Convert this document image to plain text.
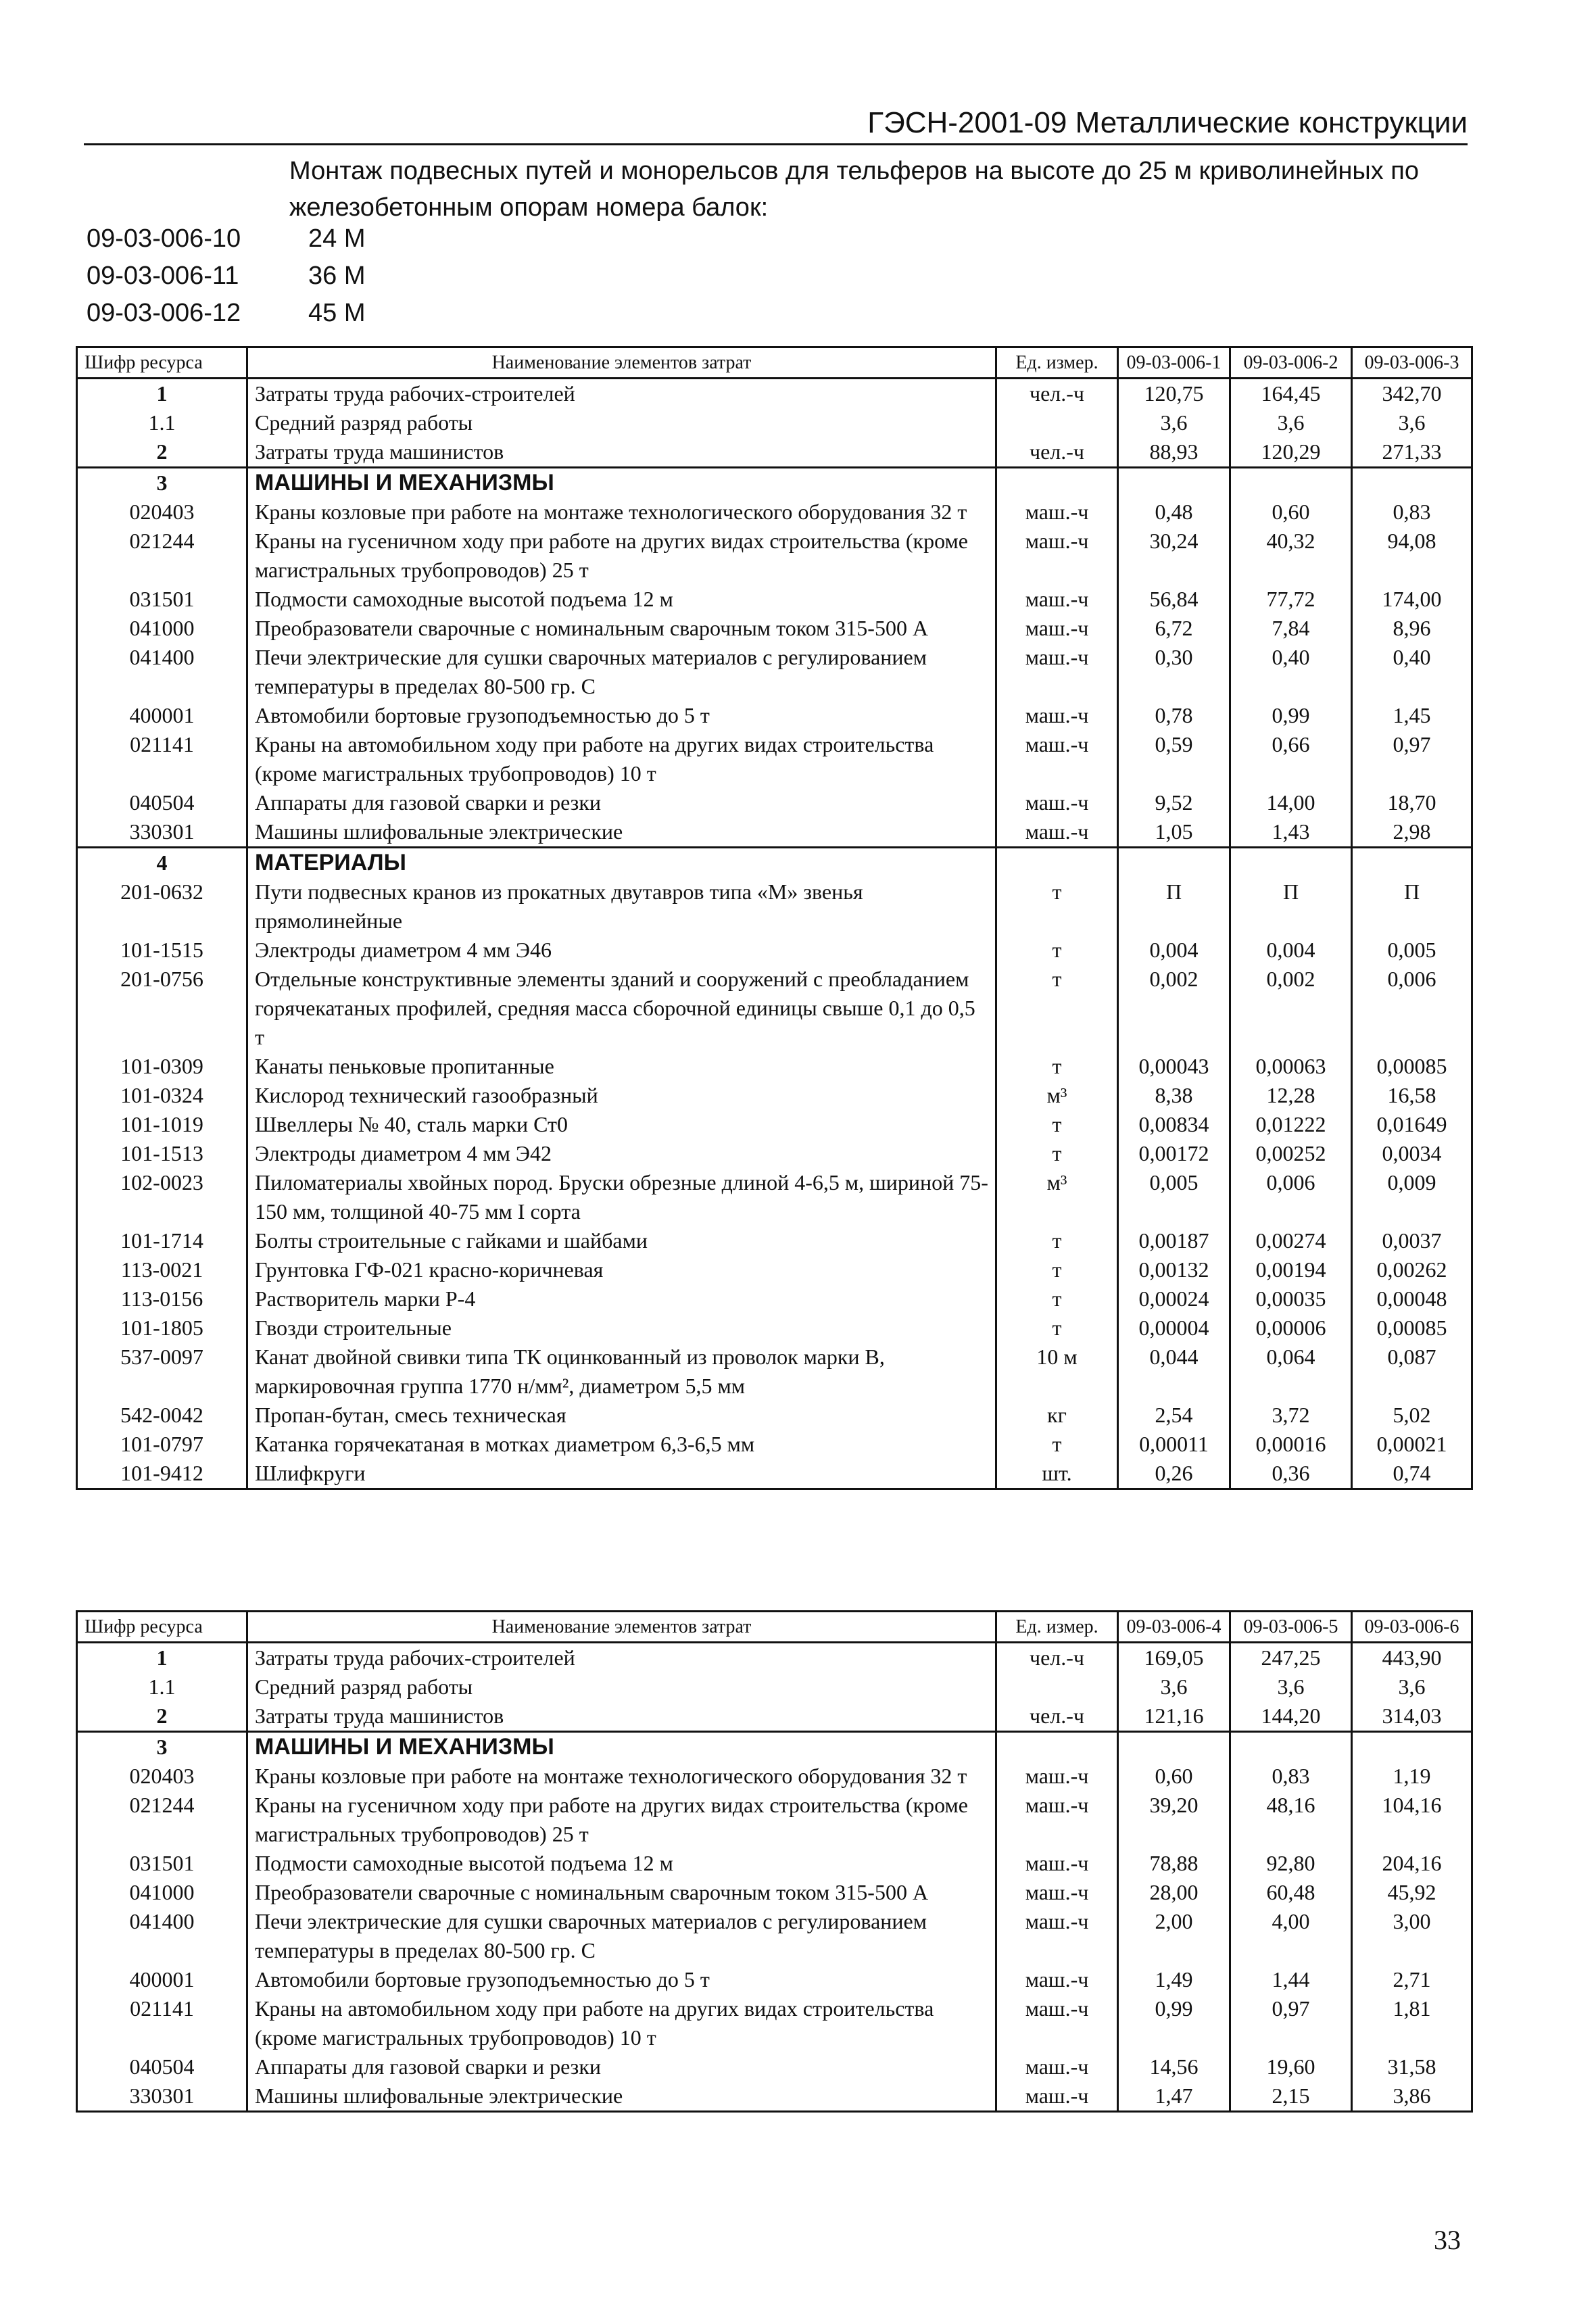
ГЭСН-2001-09 Металлические конструкции
Монтаж подвесных путей и монорельсов для тельферов на высоте до 25 м криволинейных по железобетонным опорам номера балок:
09-03-006-10	24 М
09-03-006-11	36 М
09-03-006-12	45 М
Шифр ресурса	Наименование элементов затрат	Ед. измер.	09-03-006-1	09-03-006-2	09-03-006-3
1	Затраты труда рабочих-строителей	чел.-ч	120,75	164,45	342,70
1.1	Средний разряд работы		3,6	3,6	3,6
2	Затраты труда машинистов	чел.-ч	88,93	120,29	271,33
3	МАШИНЫ И МЕХАНИЗМЫ				
020403	Краны козловые при работе на монтаже технологического оборудования 32 т	маш.-ч	0,48	0,60	0,83
021244	Краны на гусеничном ходу при работе на других видах строительства (кроме магистральных трубопроводов) 25 т	маш.-ч	30,24	40,32	94,08
031501	Подмости самоходные высотой подъема 12 м	маш.-ч	56,84	77,72	174,00
041000	Преобразователи сварочные с номинальным сварочным током 315-500 А	маш.-ч	6,72	7,84	8,96
041400	Печи электрические для сушки сварочных материалов с регулированием температуры в пределах 80-500 гр. С	маш.-ч	0,30	0,40	0,40
400001	Автомобили бортовые грузоподъемностью до 5 т	маш.-ч	0,78	0,99	1,45
021141	Краны на автомобильном ходу при работе на других видах строительства (кроме магистральных трубопроводов) 10 т	маш.-ч	0,59	0,66	0,97
040504	Аппараты для газовой сварки и резки	маш.-ч	9,52	14,00	18,70
330301	Машины шлифовальные электрические	маш.-ч	1,05	1,43	2,98
4	МАТЕРИАЛЫ				
201-0632	Пути подвесных кранов из прокатных двутавров типа «М» звенья прямолинейные	т	П	П	П
101-1515	Электроды диаметром 4 мм Э46	т	0,004	0,004	0,005
201-0756	Отдельные конструктивные элементы зданий и сооружений с преобладанием горячекатаных профилей, средняя масса сборочной единицы свыше 0,1 до 0,5 т	т	0,002	0,002	0,006
101-0309	Канаты пеньковые пропитанные	т	0,00043	0,00063	0,00085
101-0324	Кислород технический газообразный	м³	8,38	12,28	16,58
101-1019	Швеллеры № 40, сталь марки Ст0	т	0,00834	0,01222	0,01649
101-1513	Электроды диаметром 4 мм Э42	т	0,00172	0,00252	0,0034
102-0023	Пиломатериалы хвойных пород. Бруски обрезные длиной 4-6,5 м, шириной 75-150 мм, толщиной 40-75 мм I сорта	м³	0,005	0,006	0,009
101-1714	Болты строительные с гайками и шайбами	т	0,00187	0,00274	0,0037
113-0021	Грунтовка ГФ-021 красно-коричневая	т	0,00132	0,00194	0,00262
113-0156	Растворитель марки Р-4	т	0,00024	0,00035	0,00048
101-1805	Гвозди строительные	т	0,00004	0,00006	0,00085
537-0097	Канат двойной свивки типа ТК оцинкованный из проволок марки В, маркировочная группа 1770 н/мм², диаметром 5,5 мм	10 м	0,044	0,064	0,087
542-0042	Пропан-бутан, смесь техническая	кг	2,54	3,72	5,02
101-0797	Катанка горячекатаная в мотках диаметром 6,3-6,5 мм	т	0,00011	0,00016	0,00021
101-9412	Шлифкруги	шт.	0,26	0,36	0,74
Шифр ресурса	Наименование элементов затрат	Ед. измер.	09-03-006-4	09-03-006-5	09-03-006-6
1	Затраты труда рабочих-строителей	чел.-ч	169,05	247,25	443,90
1.1	Средний разряд работы		3,6	3,6	3,6
2	Затраты труда машинистов	чел.-ч	121,16	144,20	314,03
3	МАШИНЫ И МЕХАНИЗМЫ				
020403	Краны козловые при работе на монтаже технологического оборудования 32 т	маш.-ч	0,60	0,83	1,19
021244	Краны на гусеничном ходу при работе на других видах строительства (кроме магистральных трубопроводов) 25 т	маш.-ч	39,20	48,16	104,16
031501	Подмости самоходные высотой подъема 12 м	маш.-ч	78,88	92,80	204,16
041000	Преобразователи сварочные с номинальным сварочным током 315-500 А	маш.-ч	28,00	60,48	45,92
041400	Печи электрические для сушки сварочных материалов с регулированием температуры в пределах 80-500 гр. С	маш.-ч	2,00	4,00	3,00
400001	Автомобили бортовые грузоподъемностью до 5 т	маш.-ч	1,49	1,44	2,71
021141	Краны на автомобильном ходу при работе на других видах строительства (кроме магистральных трубопроводов) 10 т	маш.-ч	0,99	0,97	1,81
040504	Аппараты для газовой сварки и резки	маш.-ч	14,56	19,60	31,58
330301	Машины шлифовальные электрические	маш.-ч	1,47	2,15	3,86
33
